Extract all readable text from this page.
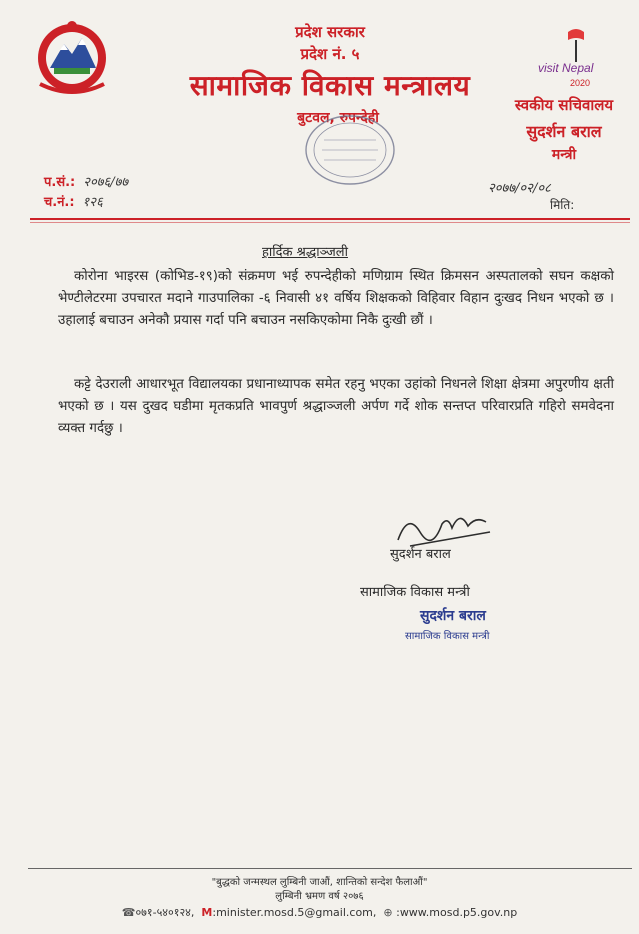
प्रदेश सरकार
प्रदेश नं. ५
सामाजिक विकास मन्त्रालय
बुटवल, रुपन्देही
visit Nepal
2020
स्वकीय सचिवालय
सुदर्शन बराल
मन्त्री
प.सं.: २०७६/७७
च.नं.: १२६
२०७७/०२/०८
मिति:
हार्दिक श्रद्धाञ्जली
कोरोना भाइरस (कोभिड-१९)को संक्रमण भई रुपन्देहीको मणिग्राम स्थित क्रिमसन अस्पतालको सघन कक्षको भेण्टीलेटरमा उपचारत मदाने गाउपालिका -६ निवासी ४१ वर्षिय शिक्षकको विहिवार विहान दुःखद निधन भएको छ । उहालाई बचाउन अनेकौ प्रयास गर्दा पनि बचाउन नसकिएकोमा निकै दुःखी छौं ।
कट्टे देउराली आधारभूत विद्यालयका प्रधानाध्यापक समेत रहनु भएका उहांको निधनले शिक्षा क्षेत्रमा अपुरणीय क्षती भएको छ । यस दुखद घडीमा मृतकप्रति भावपुर्ण श्रद्धाञ्जली अर्पण गर्दे शोक सन्तप्त परिवारप्रति गहिरो समवेदना व्यक्त गर्दछु ।
सुदर्शन बराल
सामाजिक विकास मन्त्री
सुदर्शन बराल
सामाजिक विकास मन्त्री
"बुद्धको जन्मस्थल लुम्बिनी जाऔं, शान्तिको सन्देश फैलाऔं"
लुम्बिनी भ्रमण वर्ष २०७६
☎०७१-५४०१२४, M:minister.mosd.5@gmail.com, ⊕ :www.mosd.p5.gov.np
